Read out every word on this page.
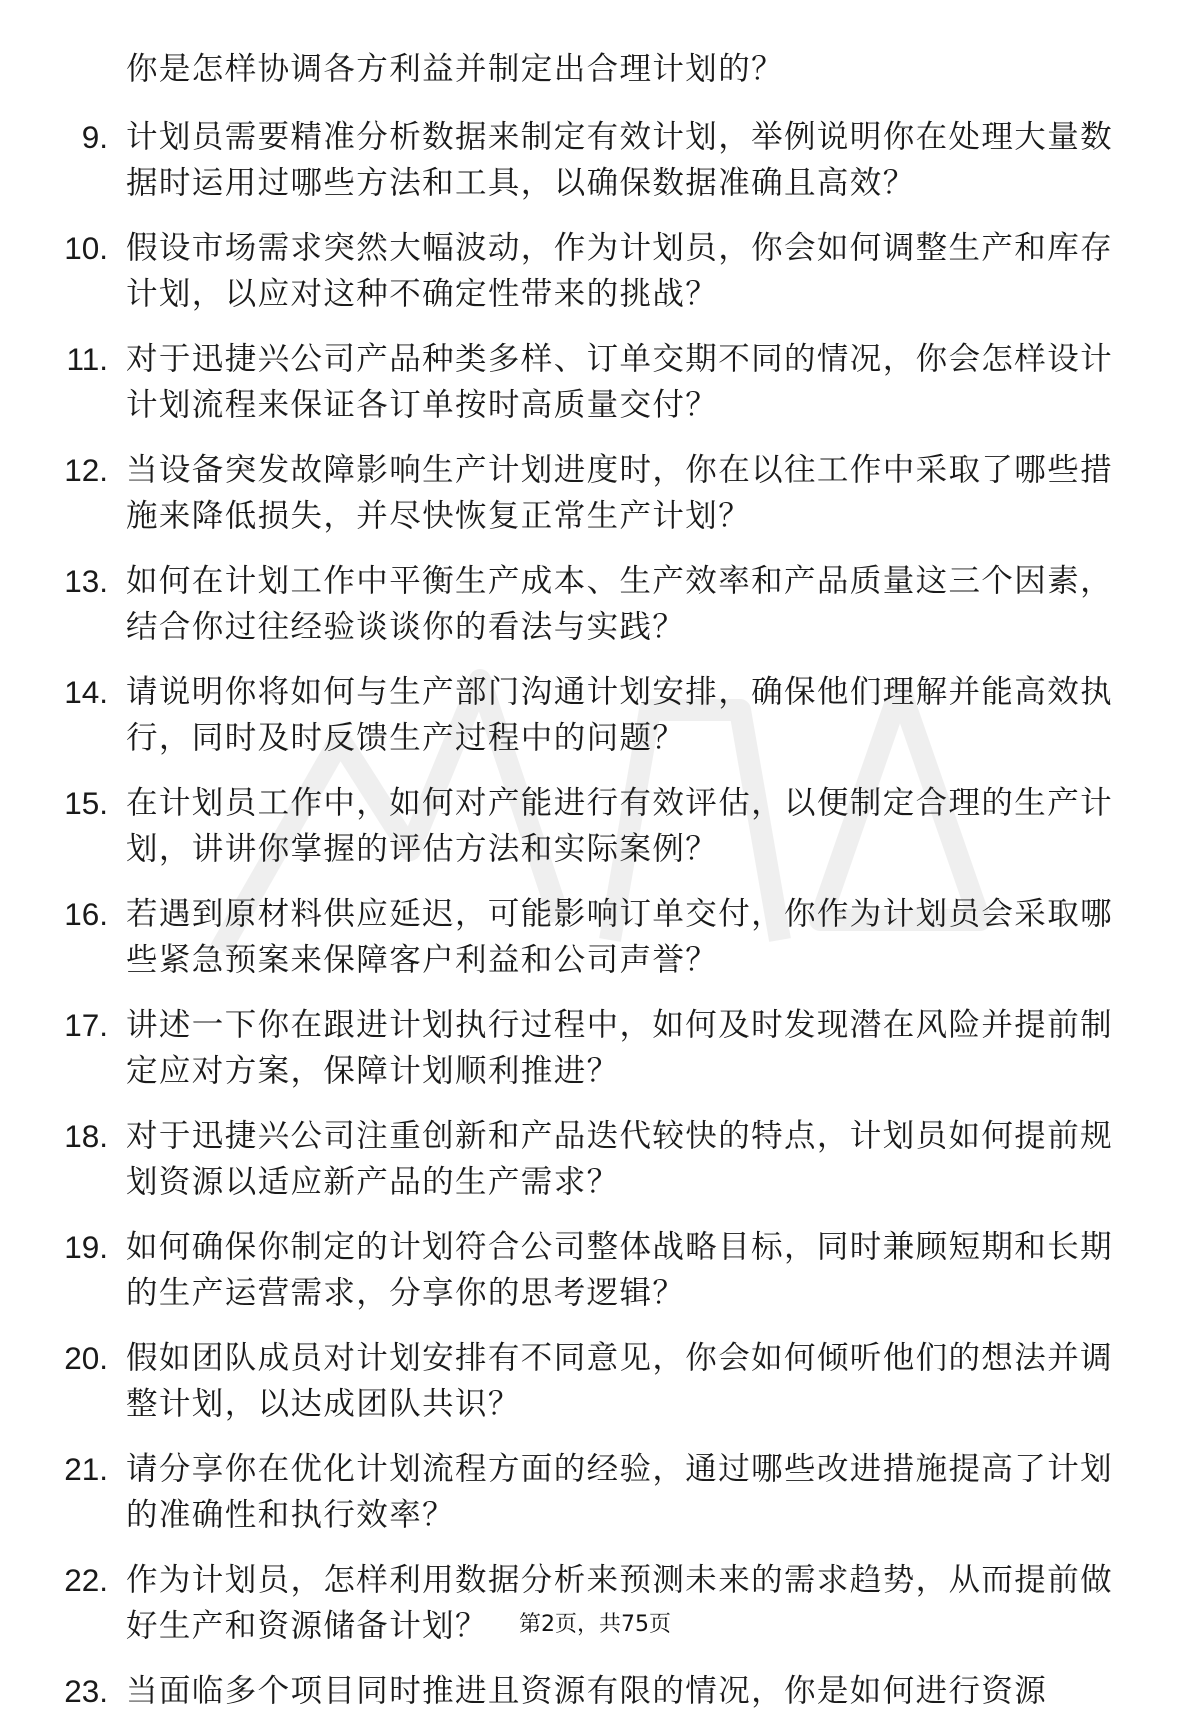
你是怎样协调各方利益并制定出合理计划的？
9. 计划员需要精准分析数据来制定有效计划，举例说明你在处理大量数据时运用过哪些方法和工具，以确保数据准确且高效？
10. 假设市场需求突然大幅波动，作为计划员，你会如何调整生产和库存计划，以应对这种不确定性带来的挑战？
11. 对于迅捷兴公司产品种类多样、订单交期不同的情况，你会怎样设计计划流程来保证各订单按时高质量交付？
12. 当设备突发故障影响生产计划进度时，你在以往工作中采取了哪些措施来降低损失，并尽快恢复正常生产计划？
13. 如何在计划工作中平衡生产成本、生产效率和产品质量这三个因素，结合你过往经验谈谈你的看法与实践？
14. 请说明你将如何与生产部门沟通计划安排，确保他们理解并能高效执行，同时及时反馈生产过程中的问题？
15. 在计划员工作中，如何对产能进行有效评估，以便制定合理的生产计划，讲讲你掌握的评估方法和实际案例？
16. 若遇到原材料供应延迟，可能影响订单交付，你作为计划员会采取哪些紧急预案来保障客户利益和公司声誉？
17. 讲述一下你在跟进计划执行过程中，如何及时发现潜在风险并提前制定应对方案，保障计划顺利推进？
18. 对于迅捷兴公司注重创新和产品迭代较快的特点，计划员如何提前规划资源以适应新产品的生产需求？
19. 如何确保你制定的计划符合公司整体战略目标，同时兼顾短期和长期的生产运营需求，分享你的思考逻辑？
20. 假如团队成员对计划安排有不同意见，你会如何倾听他们的想法并调整计划，以达成团队共识？
21. 请分享你在优化计划流程方面的经验，通过哪些改进措施提高了计划的准确性和执行效率？
22. 作为计划员，怎样利用数据分析来预测未来的需求趋势，从而提前做好生产和资源储备计划？
23. 当面临多个项目同时推进且资源有限的情况，你是如何进行资源
第2页，共75页
